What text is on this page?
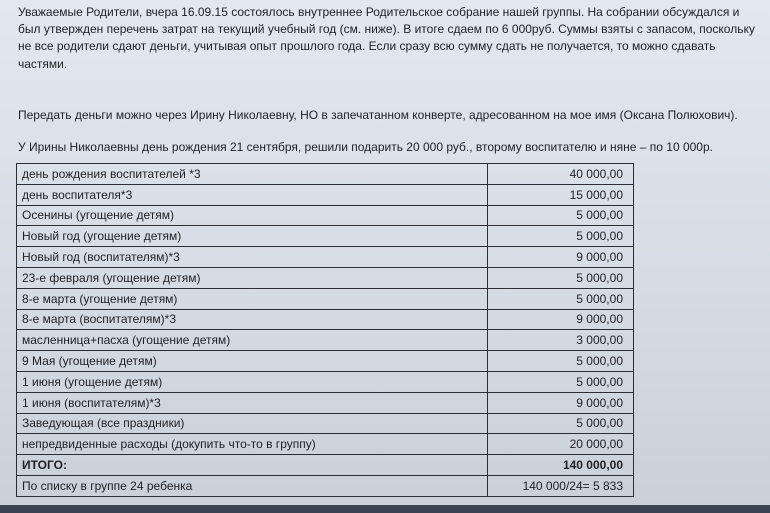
Уважаемые Родители, вчера 16.09.15 состоялось внутреннее Родительское собрание нашей группы. На собрании обсуждался и
был утвержден перечень затрат на текущий учебный год (см. ниже). В итоге сдаем по 6 000руб. Суммы взяты с запасом, поскольку
не все родители сдают деньги, учитывая опыт прошлого года. Если сразу всю сумму сдать не получается, то можно сдавать
частями.
Передать деньги можно через Ирину Николаевну, НО в запечатанном конверте, адресованном на мое имя (Оксана Полюхович).
У Ирины Николаевны день рождения 21 сентября, решили подарить 20 000 руб., второму воспитателю и няне – по 10 000р.
день рождения воспитателей *3	40 000,00
день воспитателя*3	15 000,00
Осенины (угощение детям)	5 000,00
Новый год (угощение детям)	5 000,00
Новый год (воспитателям)*3	9 000,00
23-е февраля (угощение детям)	5 000,00
8-е марта (угощение детям)	5 000,00
8-е марта (воспитателям)*3	9 000,00
масленница+пасха (угощение детям)	3 000,00
9 Мая (угощение детям)	5 000,00
1 июня (угощение детям)	5 000,00
1 июня (воспитателям)*3	9 000,00
Заведующая (все праздники)	5 000,00
непредвиденные расходы (докупить что-то в группу)	20 000,00
ИТОГО:	140 000,00
По списку в группе 24 ребенка	140 000/24= 5 833
